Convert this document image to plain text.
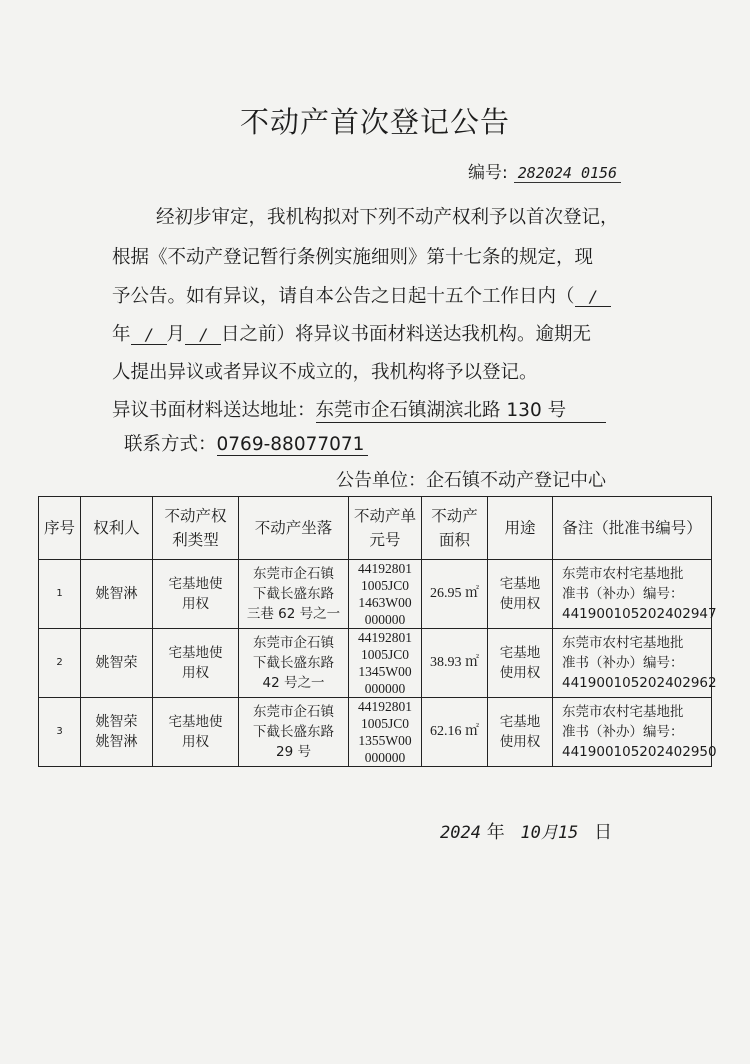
不动产首次登记公告
编号: 282024 0156
经初步审定，我机构拟对下列不动产权利予以首次登记，
根据《不动产登记暂行条例实施细则》第十七条的规定，现
予公告。如有异议，请自本公告之日起十五个工作日内（ /
年 / 月 / 日之前）将异议书面材料送达我机构。逾期无
人提出异议或者异议不成立的，我机构将予以登记。
异议书面材料送达地址：东莞市企石镇湖滨北路 130 号
联系方式：0769-88077071
公告单位：企石镇不动产登记中心
序号	权利人	不动产权
利类型	不动产坐落	不动产单
元号	不动产
面积	用途	备注（批准书编号）
1	姚智淋	宅基地使
用权	东莞市企石镇
下截长盛东路
三巷 62 号之一	44192801
1005JC0
1463W00
000000	26.95 ㎡	宅基地
使用权	东莞市农村宅基地批
准书（补办）编号：
441900105202402947
2	姚智荣	宅基地使
用权	东莞市企石镇
下截长盛东路
42 号之一	44192801
1005JC0
1345W00
000000	38.93 ㎡	宅基地
使用权	东莞市农村宅基地批
准书（补办）编号：
441900105202402962
3	姚智荣
姚智淋	宅基地使
用权	东莞市企石镇
下截长盛东路
29 号	44192801
1005JC0
1355W00
000000	62.16 ㎡	宅基地
使用权	东莞市农村宅基地批
准书（补办）编号：
441900105202402950
2024 年 10月15 日
